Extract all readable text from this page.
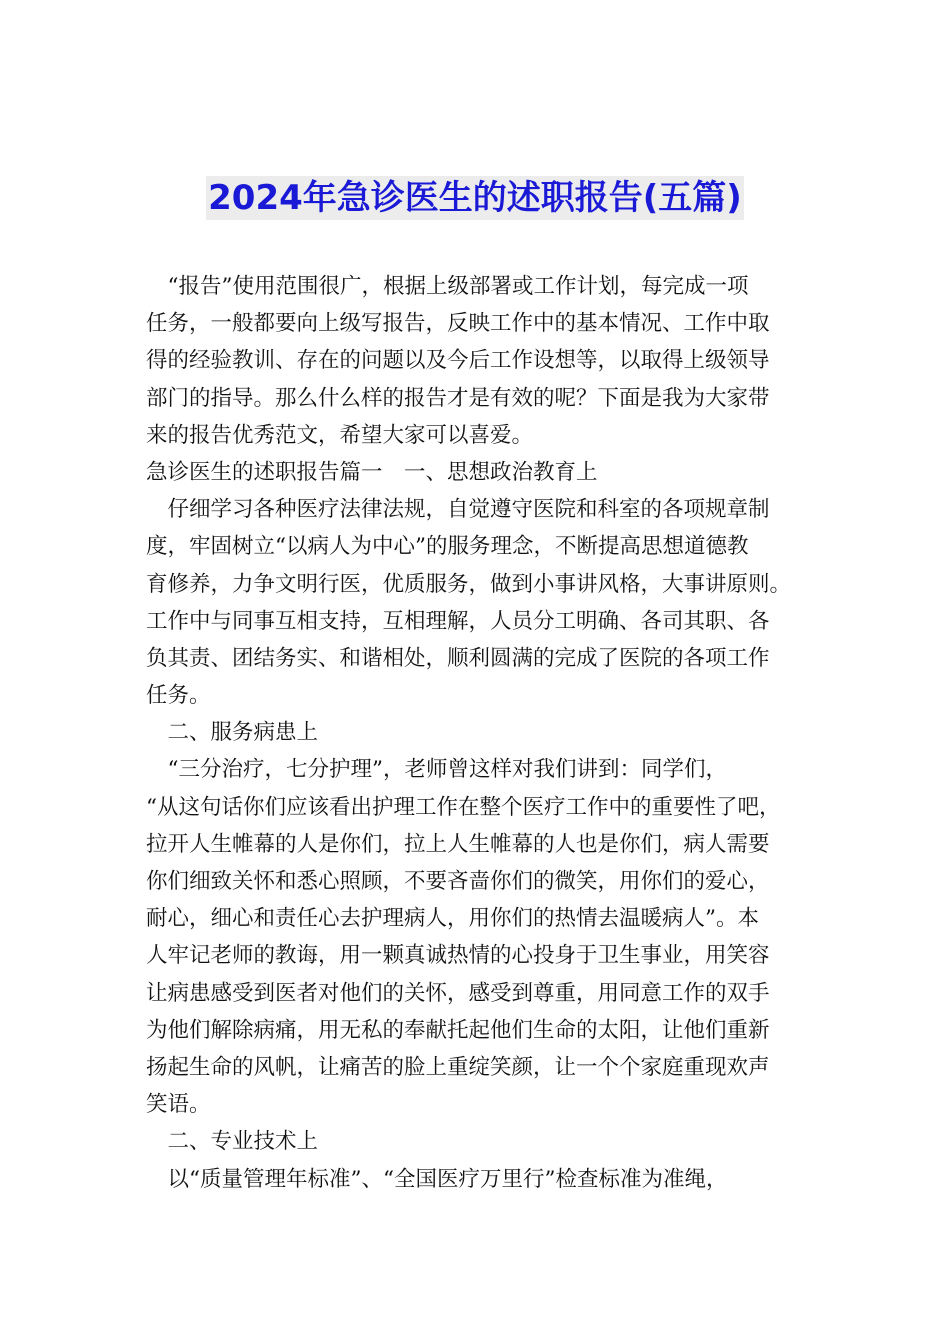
2024年急诊医生的述职报告(五篇)
　“报告”使用范围很广，根据上级部署或工作计划，每完成一项
任务，一般都要向上级写报告，反映工作中的基本情况、工作中取
得的经验教训、存在的问题以及今后工作设想等，以取得上级领导
部门的指导。那么什么样的报告才是有效的呢？下面是我为大家带
来的报告优秀范文，希望大家可以喜爱。
急诊医生的述职报告篇一　一、思想政治教育上
　仔细学习各种医疗法律法规，自觉遵守医院和科室的各项规章制
度，牢固树立“以病人为中心”的服务理念，不断提高思想道德教
育修养，力争文明行医，优质服务，做到小事讲风格，大事讲原则。
工作中与同事互相支持，互相理解，人员分工明确、各司其职、各
负其责、团结务实、和谐相处，顺利圆满的完成了医院的各项工作
任务。
　二、服务病患上
　“三分治疗，七分护理”，老师曾这样对我们讲到：同学们，
“从这句话你们应该看出护理工作在整个医疗工作中的重要性了吧，
拉开人生帷幕的人是你们，拉上人生帷幕的人也是你们，病人需要
你们细致关怀和悉心照顾，不要吝啬你们的微笑，用你们的爱心，
耐心，细心和责任心去护理病人，用你们的热情去温暖病人”。本
人牢记老师的教诲，用一颗真诚热情的心投身于卫生事业，用笑容
让病患感受到医者对他们的关怀，感受到尊重，用同意工作的双手
为他们解除病痛，用无私的奉献托起他们生命的太阳，让他们重新
扬起生命的风帆，让痛苦的脸上重绽笑颜，让一个个家庭重现欢声
笑语。
　二、专业技术上
　以“质量管理年标准”、“全国医疗万里行”检查标准为准绳，
